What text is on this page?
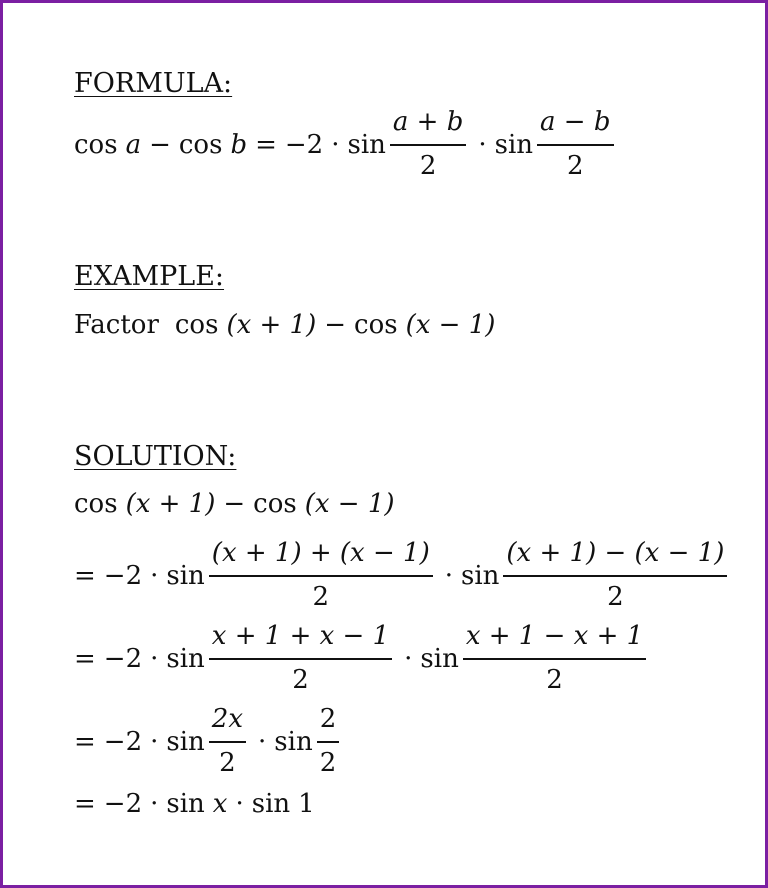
FORMULA:
$\cos a - \cos b = -2 \cdot \sin \frac{a + b}{2} \cdot \sin \frac{a - b}{2}$
EXAMPLE:
Factor cos (x + 1) − cos (x − 1)
SOLUTION:
cos (x + 1) − cos (x − 1)
= $-2 \cdot \sin \frac{(x + 1) + (x - 1)}{2} \cdot \sin \frac{(x + 1) - (x - 1)}{2}$
= $-2 \cdot \sin \frac{x + 1 + x - 1}{2} \cdot \sin \frac{x + 1 - x + 1}{2}$
= $-2 \cdot \sin \frac{2x}{2} \cdot \sin \frac{2}{2}$
= −2 · sin x · sin 1
